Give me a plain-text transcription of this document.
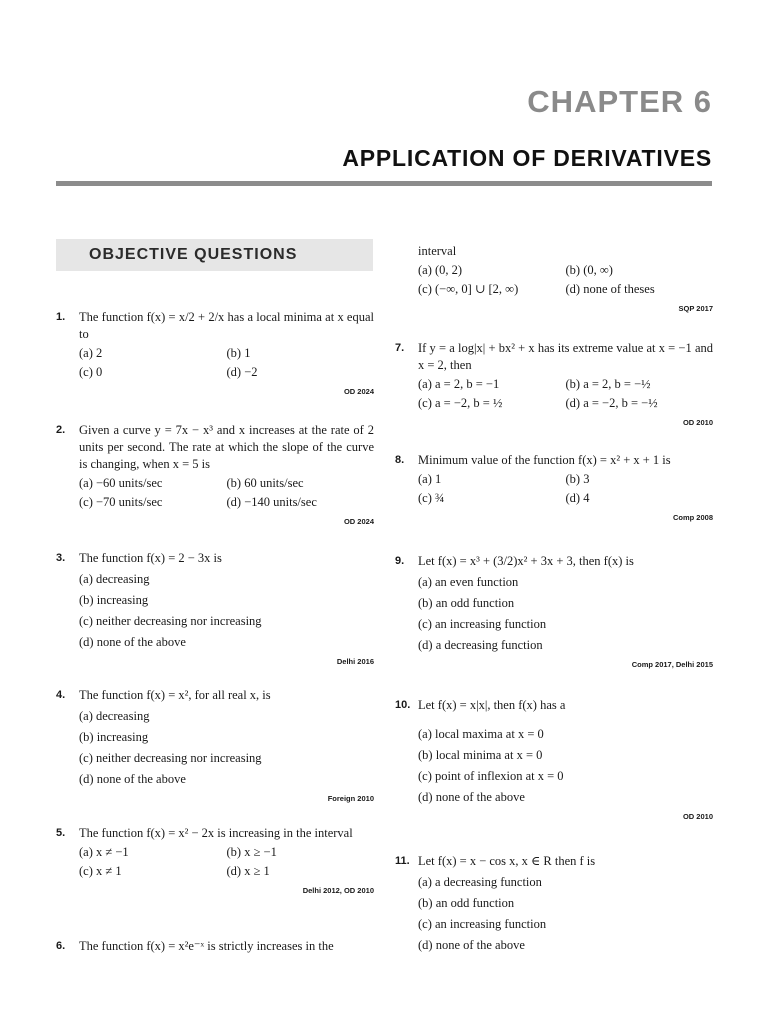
CHAPTER 6
APPLICATION OF DERIVATIVES
OBJECTIVE QUESTIONS
1. The function f(x) = x/2 + 2/x has a local minima at x equal to
(a) 2	(b) 1
(c) 0	(d) −2
OD 2024
2. Given a curve y = 7x − x³ and x increases at the rate of 2 units per second. The rate at which the slope of the curve is changing, when x = 5 is
(a) −60 units/sec	(b) 60 units/sec
(c) −70 units/sec	(d) −140 units/sec
OD 2024
3. The function f(x) = 2 − 3x is
(a) decreasing
(b) increasing
(c) neither decreasing nor increasing
(d) none of the above
Delhi 2016
4. The function f(x) = x², for all real x, is
(a) decreasing
(b) increasing
(c) neither decreasing nor increasing
(d) none of the above
Foreign 2010
5. The function f(x) = x² − 2x is increasing in the interval
(a) x ≠ −1	(b) x ≥ −1
(c) x ≠ 1	(d) x ≥ 1
Delhi 2012, OD 2010
6. The function f(x) = x²e⁻ˣ is strictly increases in the
interval
(a) (0, 2)	(b) (0, ∞)
(c) (−∞, 0] ∪ [2, ∞)	(d) none of theses
SQP 2017
7. If y = a log|x| + bx² + x has its extreme value at x = −1 and x = 2, then
(a) a = 2, b = −1	(b) a = 2, b = −½
(c) a = −2, b = ½	(d) a = −2, b = −½
OD 2010
8. Minimum value of the function f(x) = x² + x + 1 is
(a) 1	(b) 3
(c) ¾	(d) 4
Comp 2008
9. Let f(x) = x³ + (3/2)x² + 3x + 3, then f(x) is
(a) an even function
(b) an odd function
(c) an increasing function
(d) a decreasing function
Comp 2017, Delhi 2015
10. Let f(x) = x|x|, then f(x) has a
(a) local maxima at x = 0
(b) local minima at x = 0
(c) point of inflexion at x = 0
(d) none of the above
OD 2010
11. Let f(x) = x − cos x, x ∈ R then f is
(a) a decreasing function
(b) an odd function
(c) an increasing function
(d) none of the above
